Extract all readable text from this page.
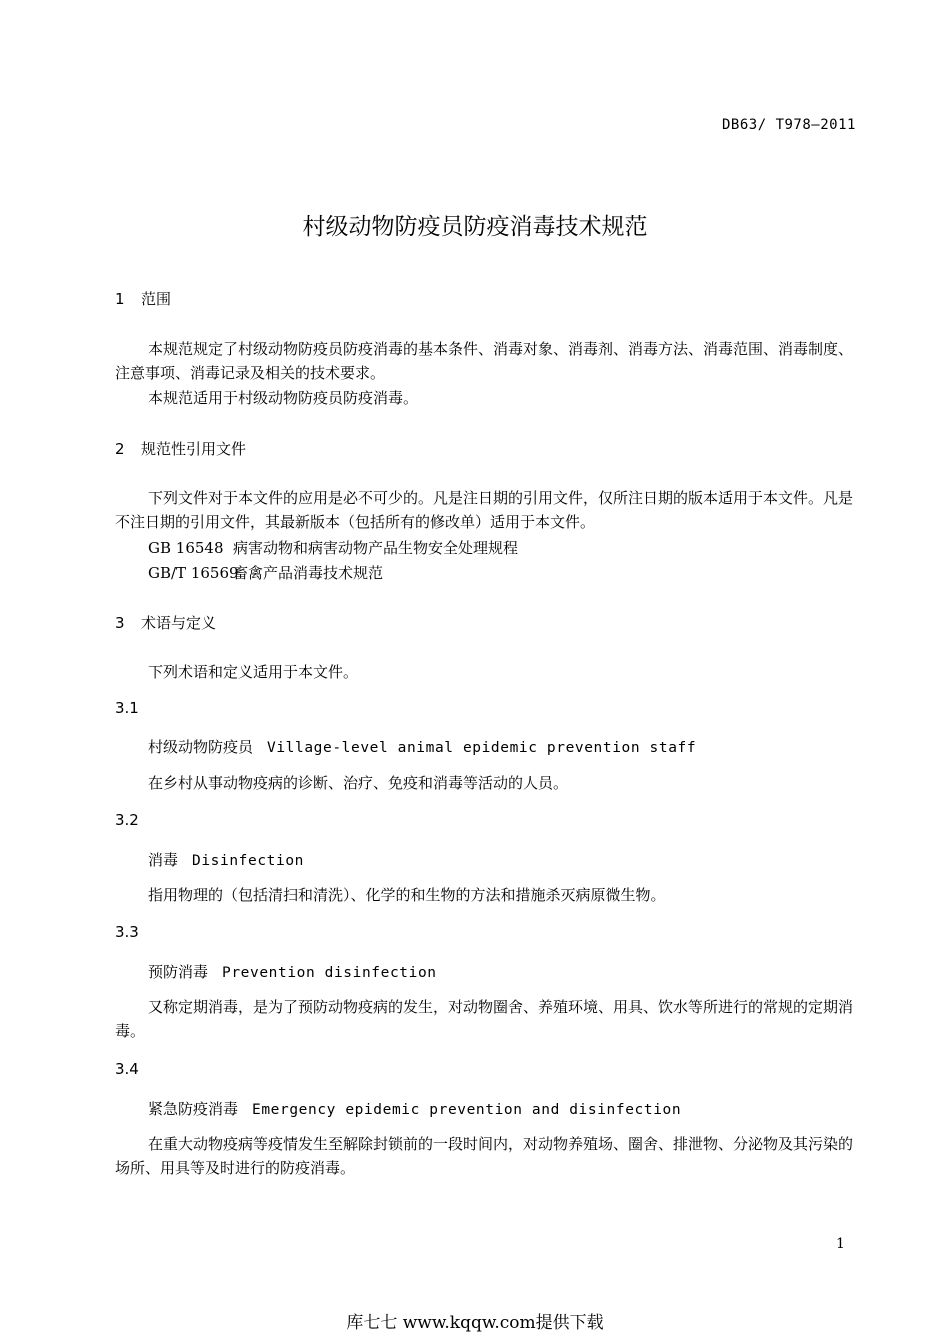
DB63/ T978—2011
村级动物防疫员防疫消毒技术规范
1 范围
本规范规定了村级动物防疫员防疫消毒的基本条件、消毒对象、消毒剂、消毒方法、消毒范围、消毒制度、注意事项、消毒记录及相关的技术要求。
本规范适用于村级动物防疫员防疫消毒。
2 规范性引用文件
下列文件对于本文件的应用是必不可少的。凡是注日期的引用文件，仅所注日期的版本适用于本文件。凡是不注日期的引用文件，其最新版本（包括所有的修改单）适用于本文件。
GB 16548 病害动物和病害动物产品生物安全处理规程
GB/T 16569畜禽产品消毒技术规范
3 术语与定义
下列术语和定义适用于本文件。
3.1
村级动物防疫员 Village-level animal epidemic prevention staff
在乡村从事动物疫病的诊断、治疗、免疫和消毒等活动的人员。
3.2
消毒 Disinfection
指用物理的（包括清扫和清洗）、化学的和生物的方法和措施杀灭病原微生物。
3.3
预防消毒 Prevention disinfection
又称定期消毒，是为了预防动物疫病的发生，对动物圈舍、养殖环境、用具、饮水等所进行的常规的定期消毒。
3.4
紧急防疫消毒 Emergency epidemic prevention and disinfection
在重大动物疫病等疫情发生至解除封锁前的一段时间内，对动物养殖场、圈舍、排泄物、分泌物及其污染的场所、用具等及时进行的防疫消毒。
1
库七七 www.kqqw.com提供下载
